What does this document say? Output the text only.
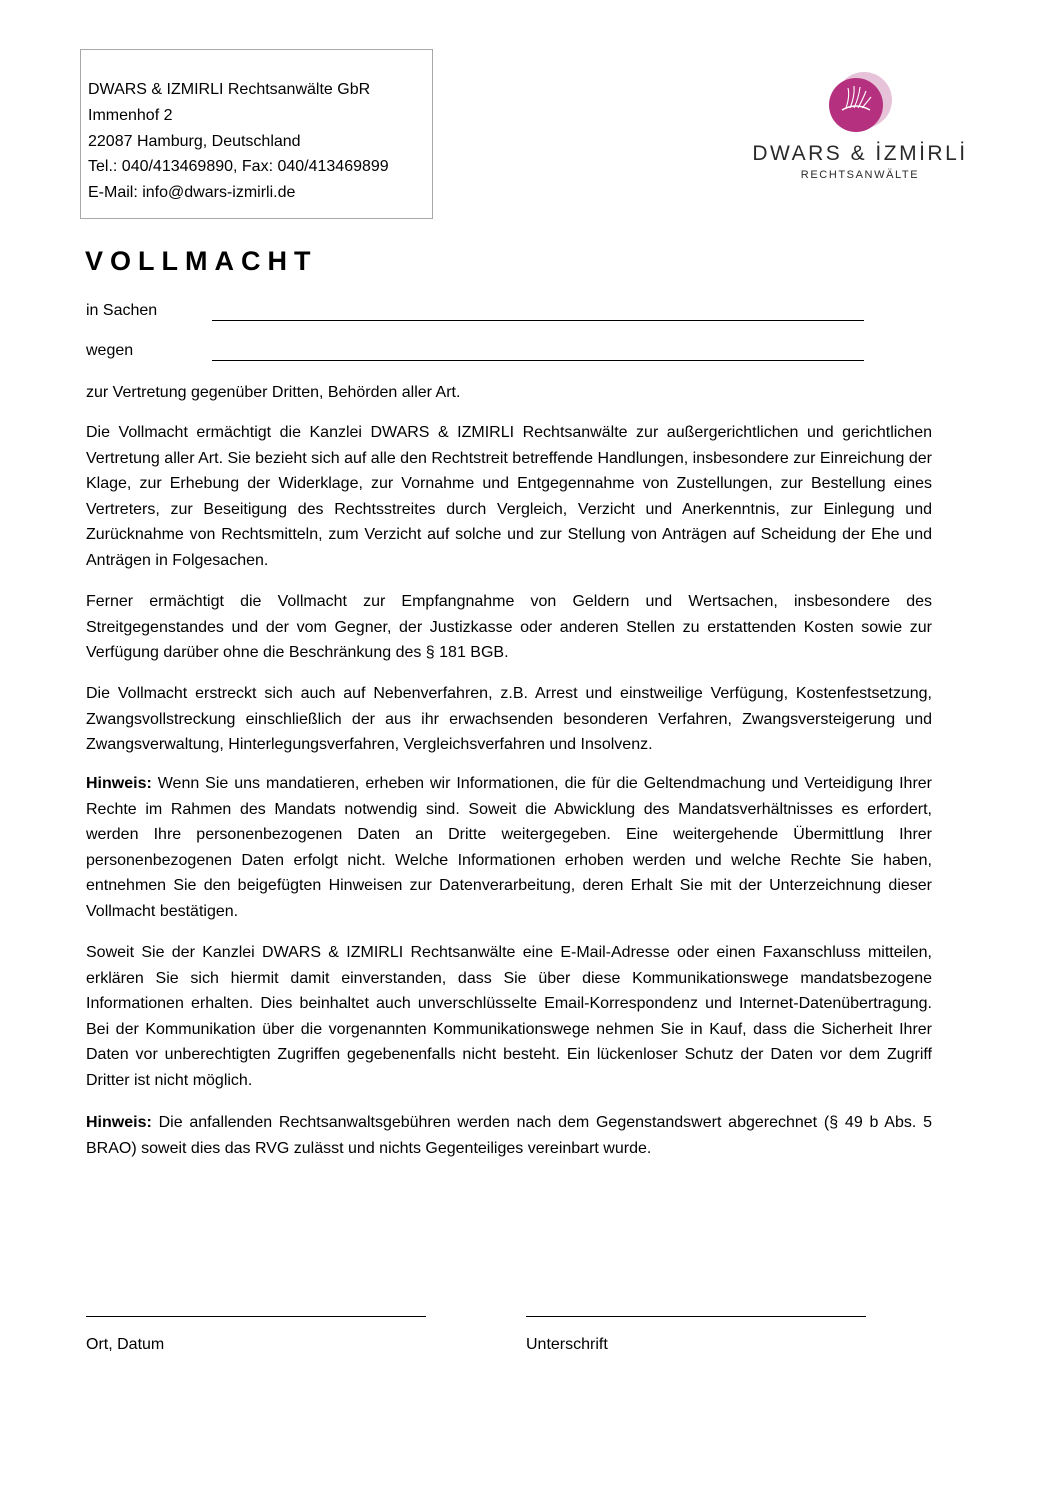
DWARS & IZMIRLI Rechtsanwälte GbR
Immenhof 2
22087 Hamburg, Deutschland
Tel.: 040/413469890, Fax: 040/413469899
E-Mail: info@dwars-izmirli.de
DWARS & İZMİRLİ
RECHTSANWÄLTE
VOLLMACHT
in Sachen
wegen
zur Vertretung gegenüber Dritten, Behörden aller Art.
Die Vollmacht ermächtigt die Kanzlei DWARS & IZMIRLI Rechtsanwälte zur außergerichtlichen und gerichtlichen Vertretung aller Art. Sie bezieht sich auf alle den Rechtstreit betreffende Handlungen, insbesondere zur Einreichung der Klage, zur Erhebung der Widerklage, zur Vornahme und Entgegennahme von Zustellungen, zur Bestellung eines Vertreters, zur Beseitigung des Rechtsstreites durch Vergleich, Verzicht und Anerkenntnis, zur Einlegung und Zurücknahme von Rechtsmitteln, zum Verzicht auf solche und zur Stellung von Anträgen auf Scheidung der Ehe und Anträgen in Folgesachen.
Ferner ermächtigt die Vollmacht zur Empfangnahme von Geldern und Wertsachen, insbesondere des Streitgegenstandes und der vom Gegner, der Justizkasse oder anderen Stellen zu erstattenden Kosten sowie zur Verfügung darüber ohne die Beschränkung des § 181 BGB.
Die Vollmacht erstreckt sich auch auf Nebenverfahren, z.B. Arrest und einstweilige Verfügung, Kostenfestsetzung, Zwangsvollstreckung einschließlich der aus ihr erwachsenden besonderen Verfahren, Zwangsversteigerung und Zwangsverwaltung, Hinterlegungsverfahren, Vergleichsverfahren und Insolvenz.
Hinweis: Wenn Sie uns mandatieren, erheben wir Informationen, die für die Geltendmachung und Verteidigung Ihrer Rechte im Rahmen des Mandats notwendig sind. Soweit die Abwicklung des Mandatsverhältnisses es erfordert, werden Ihre personenbezogenen Daten an Dritte weitergegeben. Eine weitergehende Übermittlung Ihrer personenbezogenen Daten erfolgt nicht. Welche Informationen erhoben werden und welche Rechte Sie haben, entnehmen Sie den beigefügten Hinweisen zur Datenverarbeitung, deren Erhalt Sie mit der Unterzeichnung dieser Vollmacht bestätigen.
Soweit Sie der Kanzlei DWARS & IZMIRLI Rechtsanwälte eine E-Mail-Adresse oder einen Faxanschluss mitteilen, erklären Sie sich hiermit damit einverstanden, dass Sie über diese Kommunikationswege mandatsbezogene Informationen erhalten. Dies beinhaltet auch unverschlüsselte Email-Korrespondenz und Internet-Datenübertragung. Bei der Kommunikation über die vorgenannten Kommunikationswege nehmen Sie in Kauf, dass die Sicherheit Ihrer Daten vor unberechtigten Zugriffen gegebenenfalls nicht besteht. Ein lückenloser Schutz der Daten vor dem Zugriff Dritter ist nicht möglich.
Hinweis: Die anfallenden Rechtsanwaltsgebühren werden nach dem Gegenstandswert abgerechnet (§ 49 b Abs. 5 BRAO) soweit dies das RVG zulässt und nichts Gegenteiliges vereinbart wurde.
Ort, Datum	Unterschrift
